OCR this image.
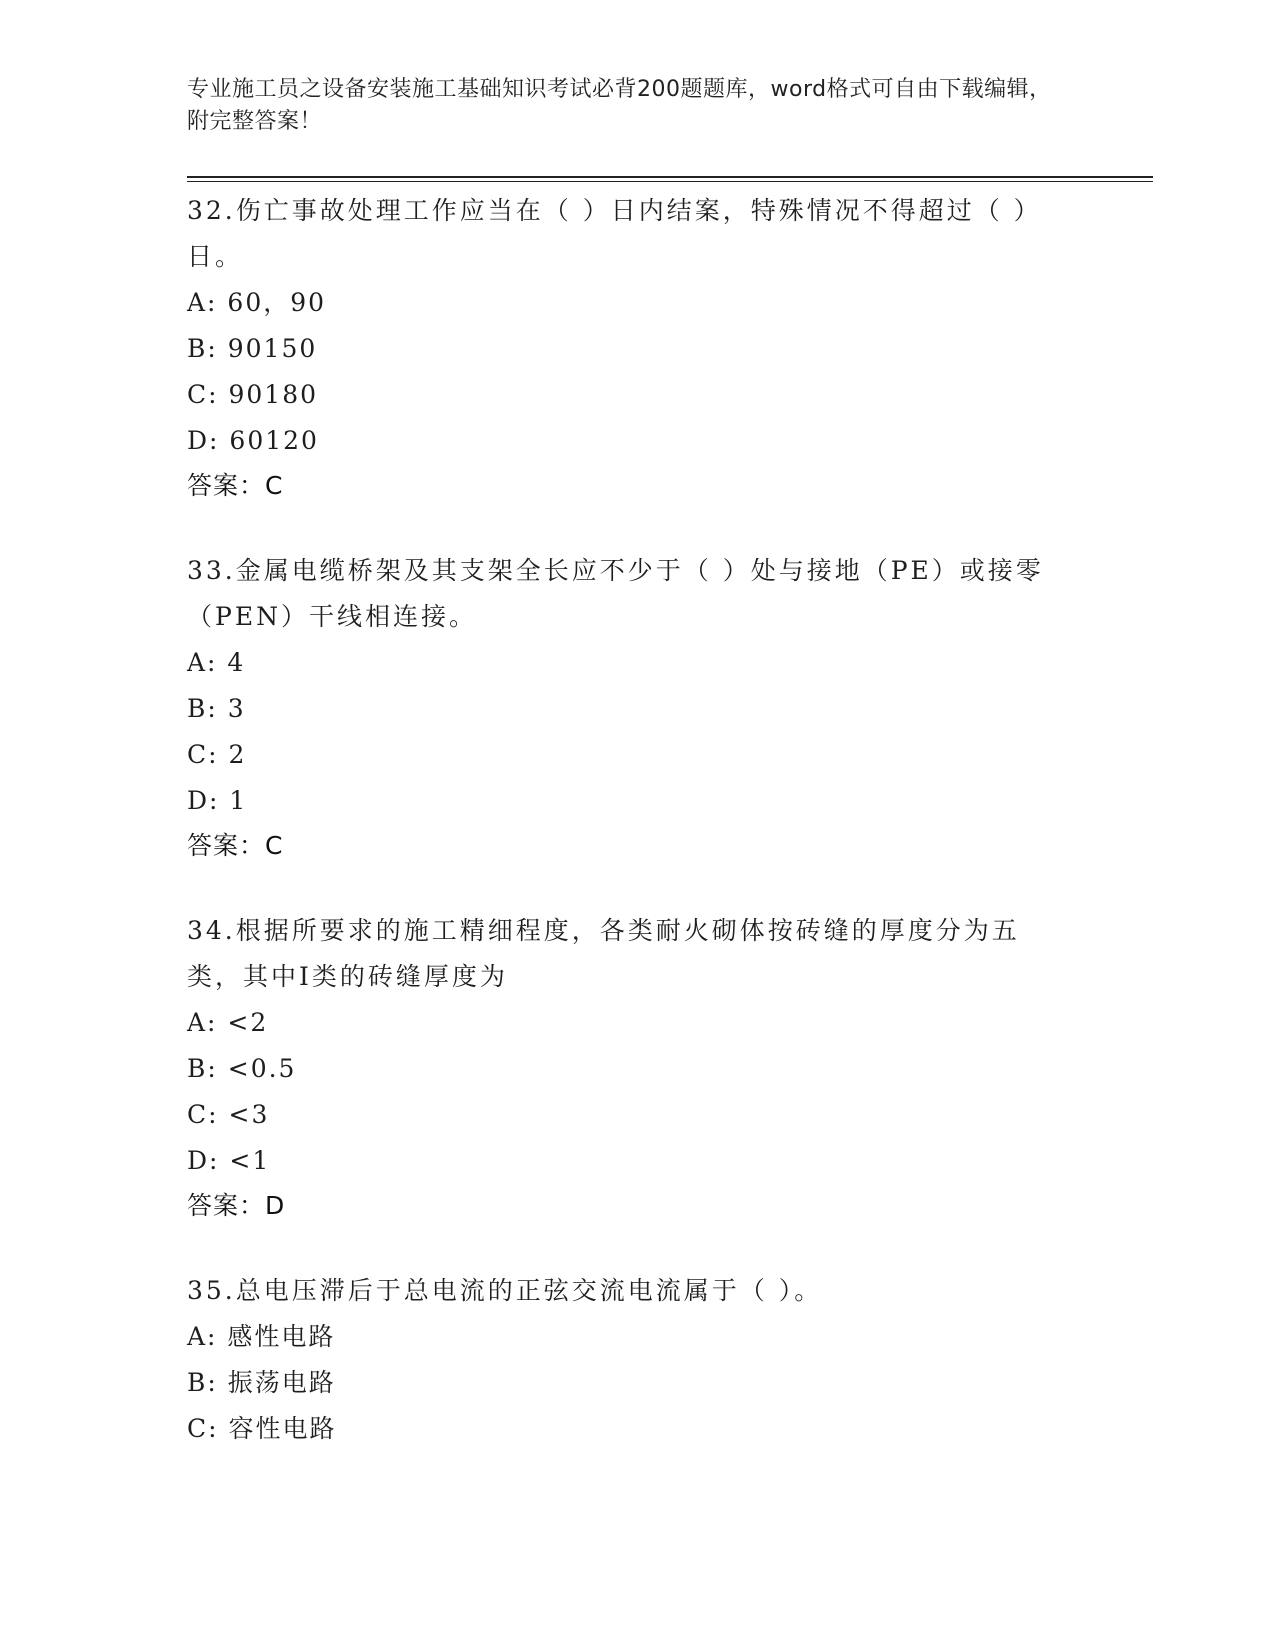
专业施工员之设备安装施工基础知识考试必背200题题库，word格式可自由下载编辑，附完整答案！
32.伤亡事故处理工作应当在（ ）日内结案，特殊情况不得超过（ ）日。
A: 60，90
B: 90150
C: 90180
D: 60120
答案：C
33.金属电缆桥架及其支架全长应不少于（ ）处与接地（PE）或接零（PEN）干线相连接。
A: 4
B: 3
C: 2
D: 1
答案：C
34.根据所要求的施工精细程度，各类耐火砌体按砖缝的厚度分为五类，其中Ⅰ类的砖缝厚度为
A: <2
B: <0.5
C: <3
D: <1
答案：D
35.总电压滞后于总电流的正弦交流电流属于（ ）。
A: 感性电路
B: 振荡电路
C: 容性电路
